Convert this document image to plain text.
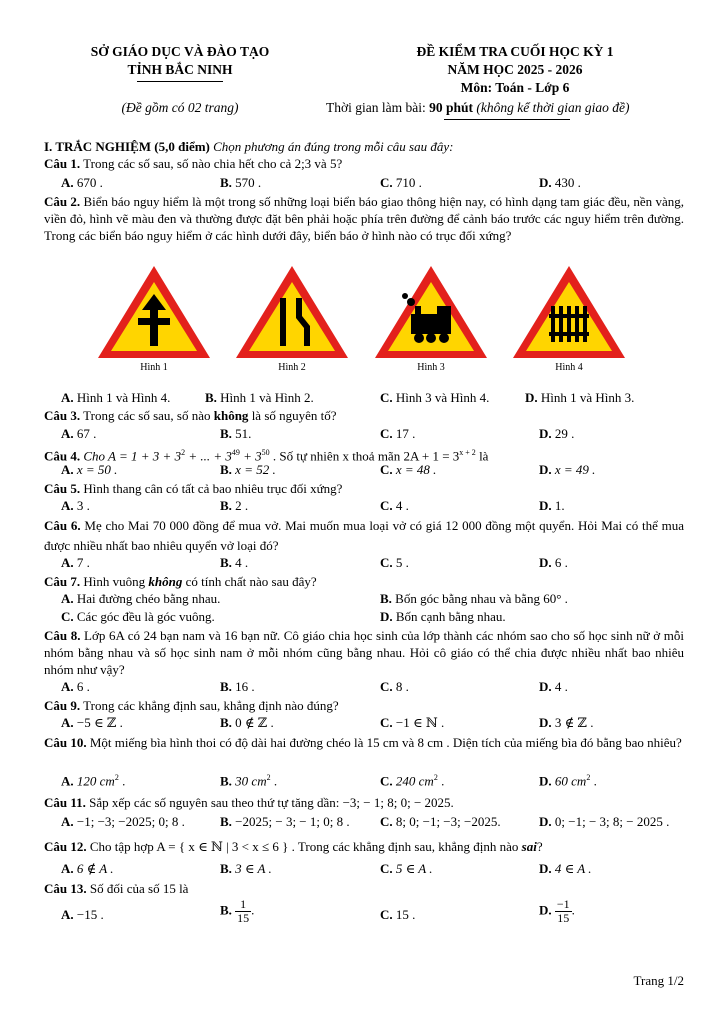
SỞ GIÁO DỤC VÀ ĐÀO TẠO
TỈNH BẮC NINH
(Đề gồm có 02 trang)
ĐỀ KIỂM TRA CUỐI HỌC KỲ 1
NĂM HỌC 2025 - 2026
Môn: Toán - Lớp 6
Thời gian làm bài: 90 phút (không kể thời gian giao đề)
I. TRẮC NGHIỆM (5,0 điểm) Chọn phương án đúng trong mỗi câu sau đây:
Câu 1. Trong các số sau, số nào chia hết cho cả 2;3 và 5?
A. 670 .	B. 570 .	C. 710 .	D. 430 .
Câu 2. Biển báo nguy hiểm là một trong số những loại biển báo giao thông hiện nay, có hình dạng tam giác đều, nền vàng, viền đỏ, hình vẽ màu đen và thường được đặt bên phải hoặc phía trên đường để cảnh báo trước các nguy hiểm trên đường. Trong các biển báo nguy hiểm ở các hình dưới đây, biển báo ở hình nào có trục đối xứng?
Hình 1	Hình 2	Hình 3	Hình 4
A. Hình 1 và Hình 4.	B. Hình 1 và Hình 2.	C. Hình 3 và Hình 4.	D. Hình 1 và Hình 3.
Câu 3. Trong các số sau, số nào không là số nguyên tố?
A. 67 .	B. 51.	C. 17 .	D. 29 .
Câu 4. Cho $A = 1 + 3 + 3^2$ + ... + $3^{49} + 3^{50}$ . Số tự nhiên x thoả mãn $2A + 1 = 3^{x + 2}$ là
A. x = 50 .	B. x = 52 .	C. x = 48 .	D. x = 49 .
Câu 5. Hình thang cân có tất cả bao nhiêu trục đối xứng?
A. 3 .	B. 2 .	C. 4 .	D. 1.
Câu 6. Mẹ cho Mai 70 000 đồng để mua vở. Mai muốn mua loại vở có giá 12 000 đồng một quyển. Hỏi Mai có thể mua được nhiều nhất bao nhiêu quyển vở loại đó?
A. 7 .	B. 4 .	C. 5 .	D. 6 .
Câu 7. Hình vuông không có tính chất nào sau đây?
A. Hai đường chéo bằng nhau.	B. Bốn góc bằng nhau và bằng 60° .
C. Các góc đều là góc vuông.	D. Bốn cạnh bằng nhau.
Câu 8. Lớp 6A có 24 bạn nam và 16 bạn nữ. Cô giáo chia học sinh của lớp thành các nhóm sao cho số học sinh nữ ở mỗi nhóm bằng nhau và số học sinh nam ở mỗi nhóm cũng bằng nhau. Hỏi cô giáo có thể chia được nhiều nhất bao nhiêu nhóm như vậy?
A. 6 .	B. 16 .	C. 8 .	D. 4 .
Câu 9. Trong các khẳng định sau, khẳng định nào đúng?
A. −5 ∈ ℤ .	B. 0 ∉ ℤ .	C. −1 ∈ ℕ .	D. 3 ∉ ℤ .
Câu 10. Một miếng bìa hình thoi có độ dài hai đường chéo là 15 cm và 8 cm . Diện tích của miếng bìa đó bằng bao nhiêu?
A. 120 $cm^2$ .	B. 30 $cm^2$ .	C. 240 $cm^2$ .	D. 60 $cm^2$ .
Câu 11. Sắp xếp các số nguyên sau theo thứ tự tăng dần: −3; − 1; 8; 0; − 2025.
A. −1; −3; −2025; 0; 8 .	B. −2025; − 3; − 1; 0; 8 . C. 8; 0; −1; −3; −2025.	D. 0; −1; − 3; 8; − 2025 .
Câu 12. Cho tập hợp A = { x ∈ ℕ | 3 < x ≤ 6 } . Trong các khẳng định sau, khẳng định nào sai?
A. 6 ∉ A .	B. 3 ∈ A .	C. 5 ∈ A .	D. 4 ∈ A .
Câu 13. Số đối của số 15 là
A. −15 .	B. $\frac{1}{15}$ .	C. 15 .	D. $\frac{-1}{15}$ .
Trang 1/2
